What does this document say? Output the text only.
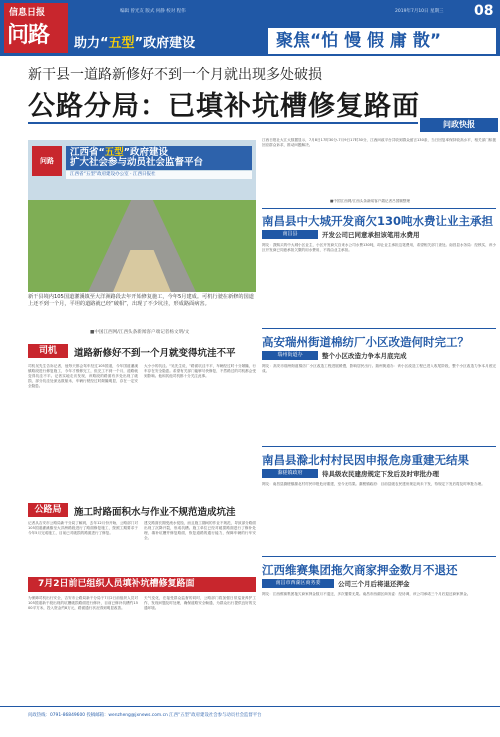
信息日报
问路
编辑 曾光友 版式 何静 校对 程伟	2019年7月10日 星期三 08
助力“五型”政府建设	聚焦“怕 慢 假 庸 散”
新干县一道路新修好不到一个月就出现多处破损
公路分局：已填补坑槽修复路面
问路
江西省“五型”政府建设
扩大社会参与动员社会监督平台
江西省“五型”政府建设办公室 · 江西日报社
新干县境内105国道灌溪镇至大洋洲路段去年开始修复施工，今年5月建成。可机行驶在新修的国道上还不到一个月，平坦的道路就已经“破相”，出现了不少坑洼，形成路面病害。
■中国江西网/江西头条新闻客户端记者杨文明/文
司机	道路新修好不到一个月就变得坑洼不平
司机吴先生告诉记者，他每天都会驾车经过105国道，今年国道灌溪镇路段进行修复施工，今年才维修完工，但完工不到一个月，道路就变得坑洼不平。记者实地走访发现，该路段的路面有多处出现了破损，部分坑洼处深达数厘米，车辆行驶经过时颠簸明显，存在一定安全隐患。
大小小的坑洼。“吴先生说，”路面坑洼不平，车辆经过时十分颠簸，行车存在安全隐患。希望有关部门能够尽快修复，不然路过的司机都会受到影响。他和其他司机都十分关注此事。
公路局	施工时路面积水与作业不规范造成坑洼
记者从吉安市公路局新干分局了解到，去年12月份开始，公路部门对105国道灌溪镇至大洋洲路段进行了路面修复施工，按照工期要求于今年5月完成施工，目前已对破损的路面进行了修复。
建交路面长期受流水侵蚀，而且施工期间的作业不规范，导致部分路面出现了沉降开裂，形成坑槽。施工单位已经对破损路面进行了修补处理，填补坑槽并修复路面，恢复道路的通行能力，保障车辆的行车安全。
7月2日前已组织人员填补坑槽修复路面
为保障司机出行安全，吉安市公路局新干分局于7月2日前组织人员对105国道新干段出现的坑槽破损路面进行修补，目前已修补坑槽约1500平方米，投入资金约8万元，路面通行状况得到明显改善。
天气变化，在接受群众监督的同时，公路部门将加强日常巡查养护工作，发现问题及时处理，确保道路安全畅通，为群众出行提供良好的交通环境。
问政快报
江西日报社大江大数据显示，7月8日17时30分-7月9日17时30分，江西问政平台共收到群众留言130条，当日回复率保持较高水平，相关部门积极回应群众诉求，推动问题解决。
■中国江西网/江西头条新闻客户端记者吕国顺整理
南昌县中大城开发商欠130吨水费让业主承担
南昌县	开发公司已同意承担该笔用水费用
网友：我购买的中大城小区业主，小区开发商欠自来水公司水费130吨，却让业主承担这笔费用，希望相关部门查处。南昌县水务局：经核实，该小区开发商已同意承担欠缴的用水费用，不再由业主承担。
高安瑞州街道棉纺厂小区改造何时完工？
瑞州街道办	整个小区改造力争本月底完成
网友：高安市瑞州街道棉纺厂小区改造工程进展缓慢，影响居民出行。瑞州街道办：该小区改造工程已进入收尾阶段，整个小区改造力争本月底完成。
南昌县滁北村村民因申报危房重建无结果
滁槎镇政府	待具级农民建房规定下发后及时审批办理
网友：南昌县滁槎镇滁北村村民申报危房重建，至今无结果。滁槎镇政府：目前县级农民建房规定尚未下发，待规定下发后将及时审批办理。
江西维赛集团拖欠商家押金数月不退还
南昌市西湖区商务委	公司三个月后将退还押金
网友：江西维赛集团拖欠商家押金数月不退还，多次催要无果。南昌市西湖区商务委：经协调，该公司承诺三个月后退还商家押金。
问政热线：0791-86849600 投稿邮箱：wenzheng@jxnews.com.cn 江西“五型”政府建设社会参与动员社会监督平台
